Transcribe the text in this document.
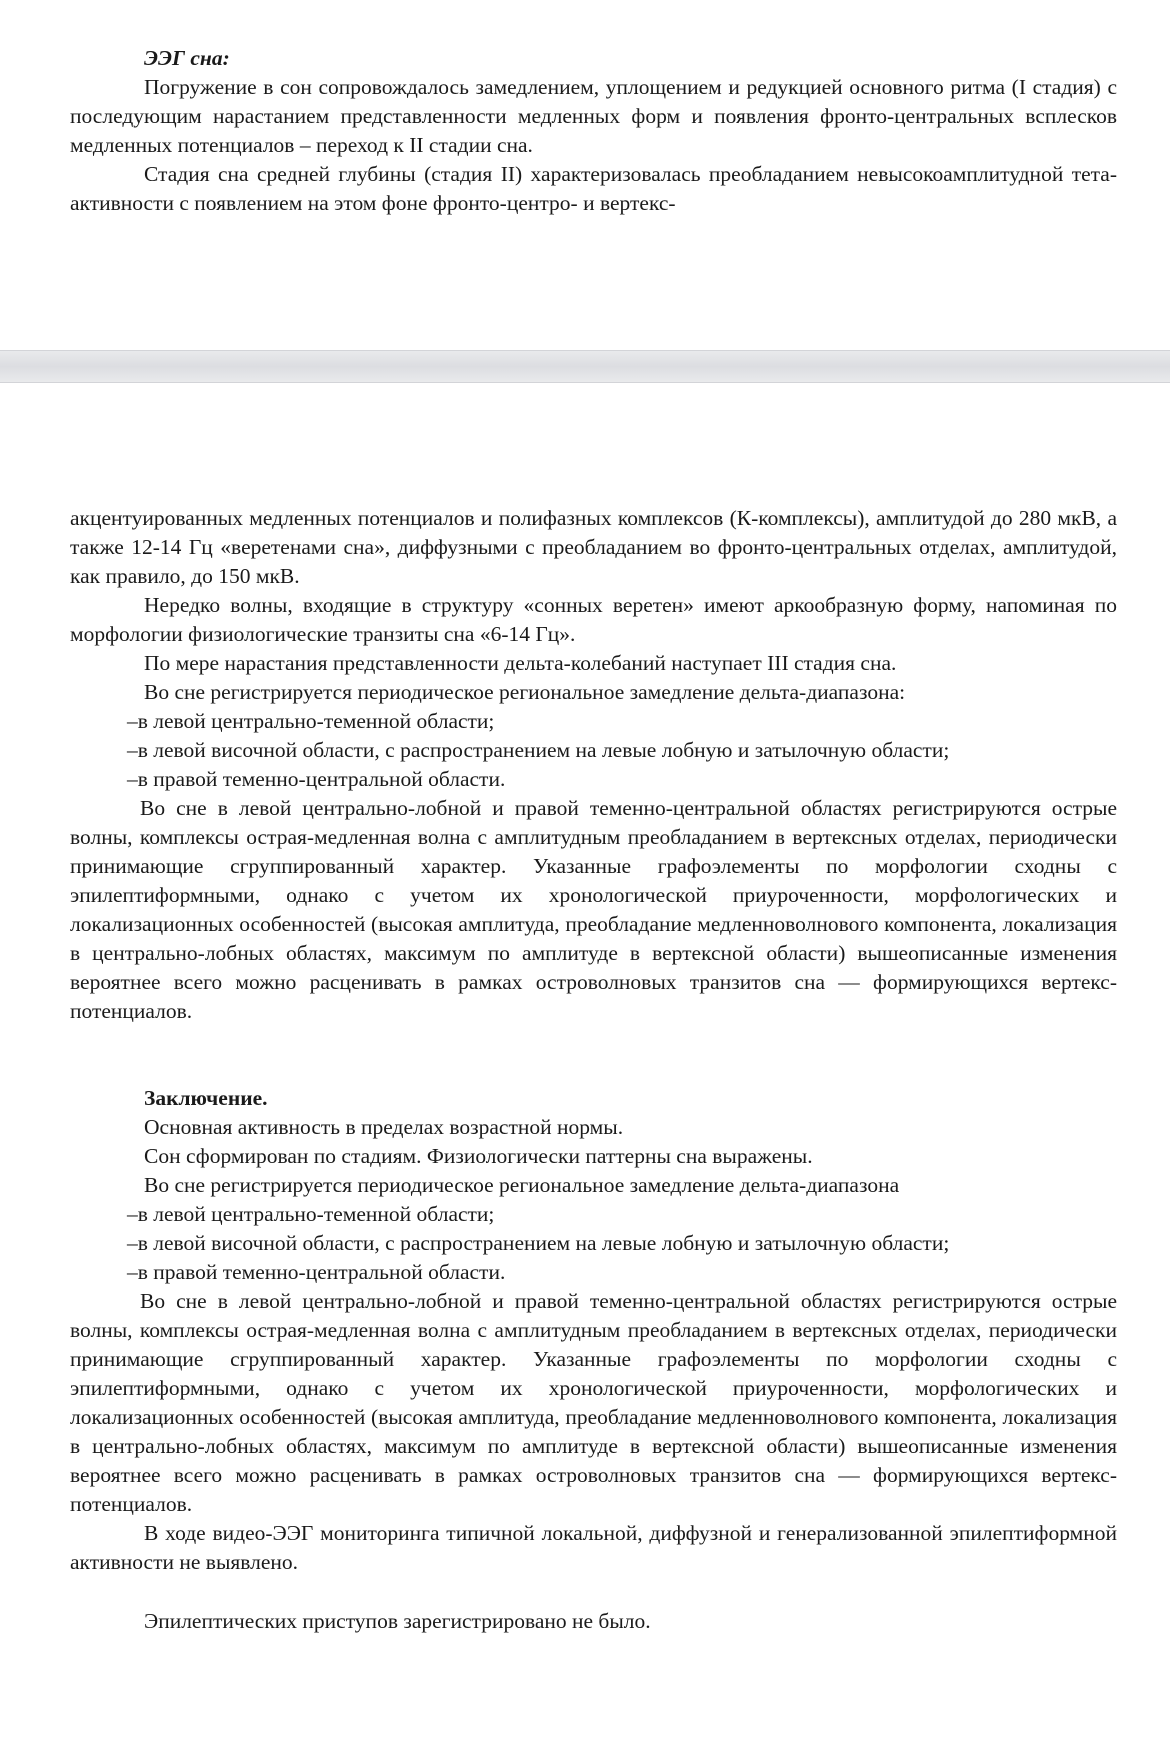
ЭЭГ сна:

Погружение в сон сопровождалось замедлением, уплощением и редукцией основного ритма (I стадия) с последующим нарастанием представленности медленных форм и появления фронто-центральных всплесков медленных потенциалов – переход к II стадии сна.

Стадия сна средней глубины (стадия II) характеризовалась преобладанием невысокоамплитудной тета-активности с появлением на этом фоне фронто-центро- и вертекс-

акцентуированных медленных потенциалов и полифазных комплексов (К-комплексы), амплитудой до 280 мкВ, а также 12-14 Гц «веретенами сна», диффузными с преобладанием во фронто-центральных отделах, амплитудой, как правило, до 150 мкВ.

Нередко волны, входящие в структуру «сонных веретен» имеют аркообразную форму, напоминая по морфологии физиологические транзиты сна «6-14 Гц».

По мере нарастания представленности дельта-колебаний наступает III стадия сна.

Во сне регистрируется периодическое региональное замедление дельта-диапазона:

–в левой центрально-теменной области;

–в левой височной области, с распространением на левые лобную и затылочную области;

–в правой теменно-центральной области.

Во сне в левой центрально-лобной и правой теменно-центральной областях регистрируются острые волны, комплексы острая-медленная волна с амплитудным преобладанием в вертексных отделах, периодически принимающие сгруппированный характер. Указанные графоэлементы по морфологии сходны с эпилептиформными, однако с учетом их хронологической приуроченности, морфологических и локализационных особенностей (высокая амплитуда, преобладание медленноволнового компонента, локализация в центрально-лобных областях, максимум по амплитуде в вертексной области) вышеописанные изменения вероятнее всего можно расценивать в рамках островолновых транзитов сна — формирующихся вертекс-потенциалов.

Заключение.

Основная активность в пределах возрастной нормы.

Сон сформирован по стадиям. Физиологически паттерны сна выражены.

Во сне регистрируется периодическое региональное замедление дельта-диапазона

–в левой центрально-теменной области;

–в левой височной области, с распространением на левые лобную и затылочную области;

–в правой теменно-центральной области.

Во сне в левой центрально-лобной и правой теменно-центральной областях регистрируются острые волны, комплексы острая-медленная волна с амплитудным преобладанием в вертексных отделах, периодически принимающие сгруппированный характер. Указанные графоэлементы по морфологии сходны с эпилептиформными, однако с учетом их хронологической приуроченности, морфологических и локализационных особенностей (высокая амплитуда, преобладание медленноволнового компонента, локализация в центрально-лобных областях, максимум по амплитуде в вертексной области) вышеописанные изменения вероятнее всего можно расценивать в рамках островолновых транзитов сна — формирующихся вертекс-потенциалов.

В ходе видео-ЭЭГ мониторинга типичной локальной, диффузной и генерализованной эпилептиформной активности не выявлено.

Эпилептических приступов зарегистрировано не было.
